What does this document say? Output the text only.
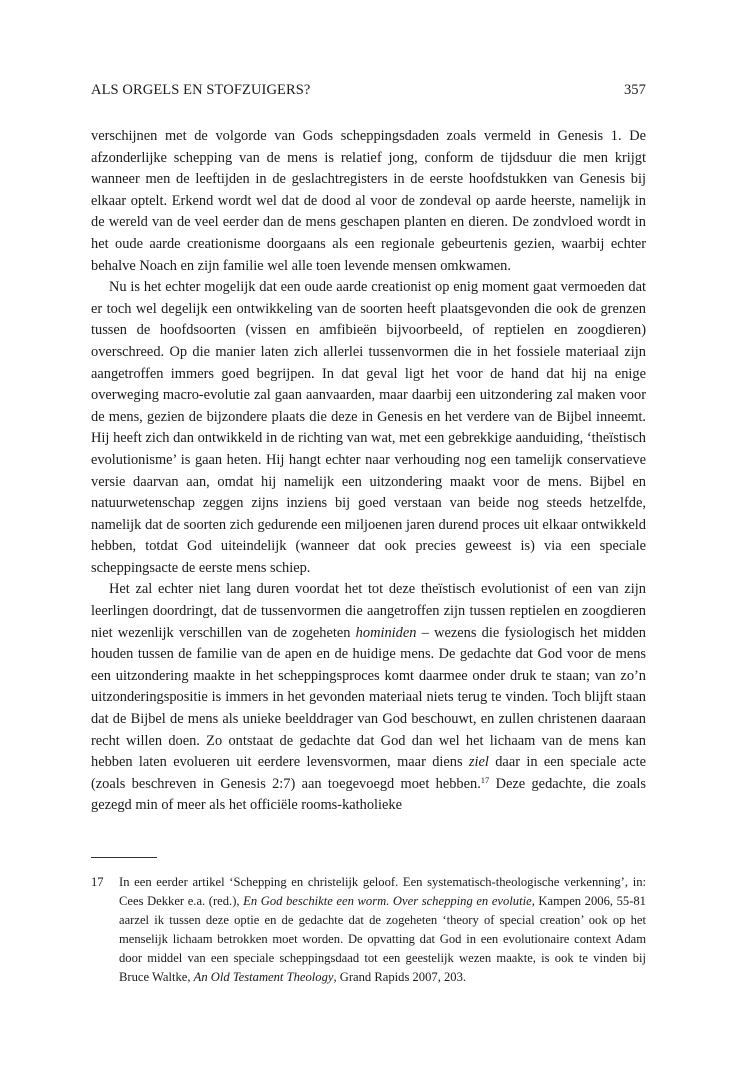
ALS ORGELS EN STOFZUIGERS?	357

verschijnen met de volgorde van Gods scheppingsdaden zoals vermeld in Genesis 1. De afzonderlijke schepping van de mens is relatief jong, conform de tijdsduur die men krijgt wanneer men de leeftijden in de geslachtregisters in de eerste hoofdstukken van Genesis bij elkaar optelt. Erkend wordt wel dat de dood al voor de zondeval op aarde heerste, namelijk in de wereld van de veel eerder dan de mens geschapen planten en dieren. De zondvloed wordt in het oude aarde creationisme doorgaans als een regionale gebeurtenis gezien, waarbij echter behalve Noach en zijn familie wel alle toen levende mensen omkwamen.

Nu is het echter mogelijk dat een oude aarde creationist op enig moment gaat vermoeden dat er toch wel degelijk een ontwikkeling van de soorten heeft plaatsgevonden die ook de grenzen tussen de hoofdsoorten (vissen en amfibieën bijvoorbeeld, of reptielen en zoogdieren) overschreed. Op die manier laten zich allerlei tussenvormen die in het fossiele materiaal zijn aangetroffen immers goed begrijpen. In dat geval ligt het voor de hand dat hij na enige overweging macro-evolutie zal gaan aanvaarden, maar daarbij een uitzondering zal maken voor de mens, gezien de bijzondere plaats die deze in Genesis en het verdere van de Bijbel inneemt. Hij heeft zich dan ontwikkeld in de richting van wat, met een gebrekkige aanduiding, ‘theïstisch evolutionisme’ is gaan heten. Hij hangt echter naar verhouding nog een tamelijk conservatieve versie daarvan aan, omdat hij namelijk een uitzondering maakt voor de mens. Bijbel en natuurwetenschap zeggen zijns inziens bij goed verstaan van beide nog steeds hetzelfde, namelijk dat de soorten zich gedurende een miljoenen jaren durend proces uit elkaar ontwikkeld hebben, totdat God uiteindelijk (wanneer dat ook precies geweest is) via een speciale scheppingsacte de eerste mens schiep.

Het zal echter niet lang duren voordat het tot deze theïstisch evolutionist of een van zijn leerlingen doordringt, dat de tussenvormen die aangetroffen zijn tussen reptielen en zoogdieren niet wezenlijk verschillen van de zogeheten hominiden – wezens die fysiologisch het midden houden tussen de familie van de apen en de huidige mens. De gedachte dat God voor de mens een uitzondering maakte in het scheppingsproces komt daarmee onder druk te staan; van zo’n uitzonderingspositie is immers in het gevonden materiaal niets terug te vinden. Toch blijft staan dat de Bijbel de mens als unieke beelddrager van God beschouwt, en zullen christenen daaraan recht willen doen. Zo ontstaat de gedachte dat God dan wel het lichaam van de mens kan hebben laten evolueren uit eerdere levensvormen, maar diens ziel daar in een speciale acte (zoals beschreven in Genesis 2:7) aan toegevoegd moet hebben.$^{17}$ Deze gedachte, die zoals gezegd min of meer als het officiële rooms-katholieke

17 In een eerder artikel ‘Schepping en christelijk geloof. Een systematisch-theologische verkenning’, in: Cees Dekker e.a. (red.), En God beschikte een worm. Over schepping en evolutie, Kampen 2006, 55-81 aarzel ik tussen deze optie en de gedachte dat de zogeheten ‘theory of special creation’ ook op het menselijk lichaam betrokken moet worden. De opvatting dat God in een evolutionaire context Adam door middel van een speciale scheppingsdaad tot een geestelijk wezen maakte, is ook te vinden bij Bruce Waltke, An Old Testament Theology, Grand Rapids 2007, 203.
